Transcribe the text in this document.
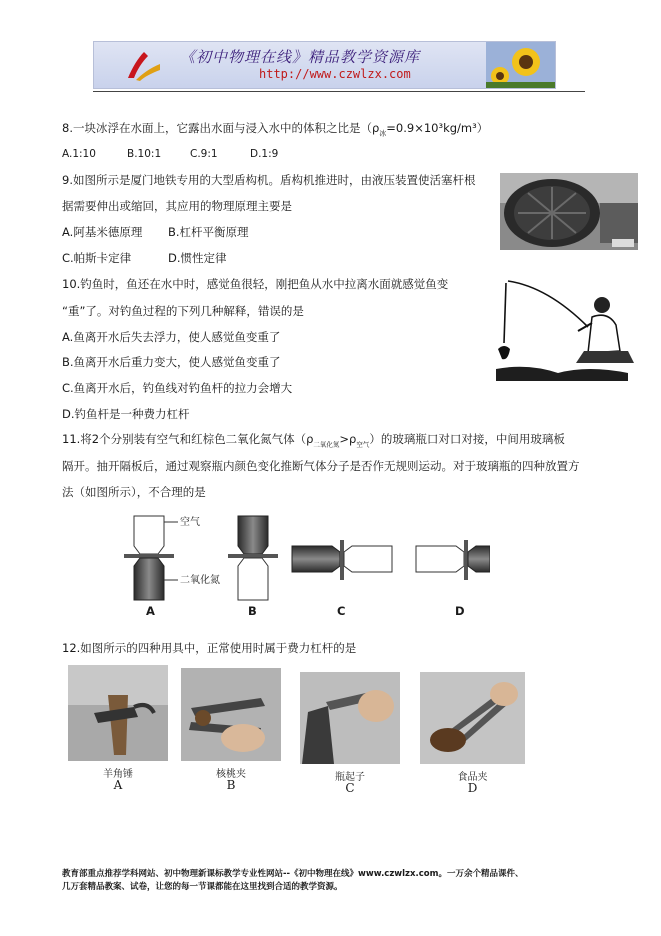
《初中物理在线》精品教学资源库
http://www.czwlzx.com
8.一块冰浮在水面上，它露出水面与浸入水中的体积之比是$(\rho_冰=0.9\times 10^3kg/m^3)$
A.1:10	B.10:1	C.9:1	D.1:9
9.如图所示是厦门地铁专用的大型盾构机。盾构机推进时，由液压装置使活塞杆根
据需要伸出或缩回，其应用的物理原理主要是
A.阿基米德原理 B.杠杆平衡原理
C.帕斯卡定律	D.惯性定律
10.钓鱼时，鱼还在水中时，感觉鱼很轻，刚把鱼从水中拉离水面就感觉鱼变
“重”了。对钓鱼过程的下列几种解释，错误的是
A.鱼离开水后失去浮力，使人感觉鱼变重了
B.鱼离开水后重力变大，使人感觉鱼变重了
C.鱼离开水后，钓鱼线对钓鱼杆的拉力会增大
D.钓鱼杆是一种费力杠杆
11.将2个分别装有空气和红棕色二氧化氮气体$(\rho_{二氧化氮}>\rho_{空气})$的玻璃瓶口对口对接，中间用玻璃板
隔开。抽开隔板后，通过观察瓶内颜色变化推断气体分子是否作无规则运动。对于玻璃瓶的四种放置方
法（如图所示），不合理的是
空气
二氧化氮
A	B	C	D
12.如图所示的四种用具中，正常使用时属于费力杠杆的是
羊角锤
A
核桃夹
B
瓶起子
C
食品夹
D
教育部重点推荐学科网站、初中物理新课标教学专业性网站--《初中物理在线》www.czwlzx.com。一万余个精品课件、
几万套精品教案、试卷，让您的每一节课都能在这里找到合适的教学资源。
